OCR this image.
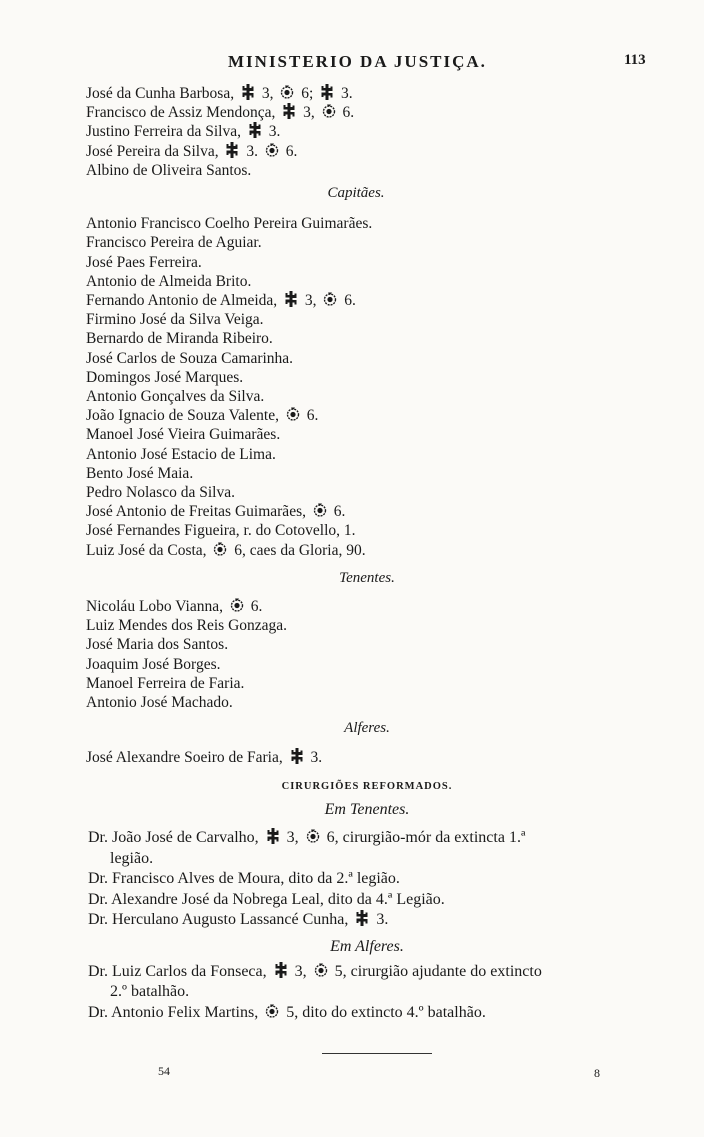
MINISTERIO DA JUSTIÇA.	113
José da Cunha Barbosa,
3,
6;
3.
Francisco de Assiz Mendonça,
3,
6.
Justino Ferreira da Silva,
3.
José Pereira da Silva,
3.
6.
Albino de Oliveira Santos.
Capitães.
Antonio Francisco Coelho Pereira Guimarães.
Francisco Pereira de Aguiar.
José Paes Ferreira.
Antonio de Almeida Brito.
Fernando Antonio de Almeida,
3,
6.
Firmino José da Silva Veiga.
Bernardo de Miranda Ribeiro.
José Carlos de Souza Camarinha.
Domingos José Marques.
Antonio Gonçalves da Silva.
João Ignacio de Souza Valente,
6.
Manoel José Vieira Guimarães.
Antonio José Estacio de Lima.
Bento José Maia.
Pedro Nolasco da Silva.
José Antonio de Freitas Guimarães,
6.
José Fernandes Figueira, r. do Cotovello, 1.
Luiz José da Costa,
6, caes da Gloria, 90.
Tenentes.
Nicoláu Lobo Vianna,
6.
Luiz Mendes dos Reis Gonzaga.
José Maria dos Santos.
Joaquim José Borges.
Manoel Ferreira de Faria.
Antonio José Machado.
Alferes.
José Alexandre Soeiro de Faria,
3.
CIRURGIÕES REFORMADOS.
Em Tenentes.
Dr. João José de Carvalho,
3,
6, cirurgião-mór da extincta 1.ª
legião.
Dr. Francisco Alves de Moura, dito da 2.ª legião.
Dr. Alexandre José da Nobrega Leal, dito da 4.ª Legião.
Dr. Herculano Augusto Lassancé Cunha,
3.
Em Alferes.
Dr. Luiz Carlos da Fonseca,
3,
5, cirurgião ajudante do extincto
2.º batalhão.
Dr. Antonio Felix Martins,
5, dito do extincto 4.º batalhão.
54	8
